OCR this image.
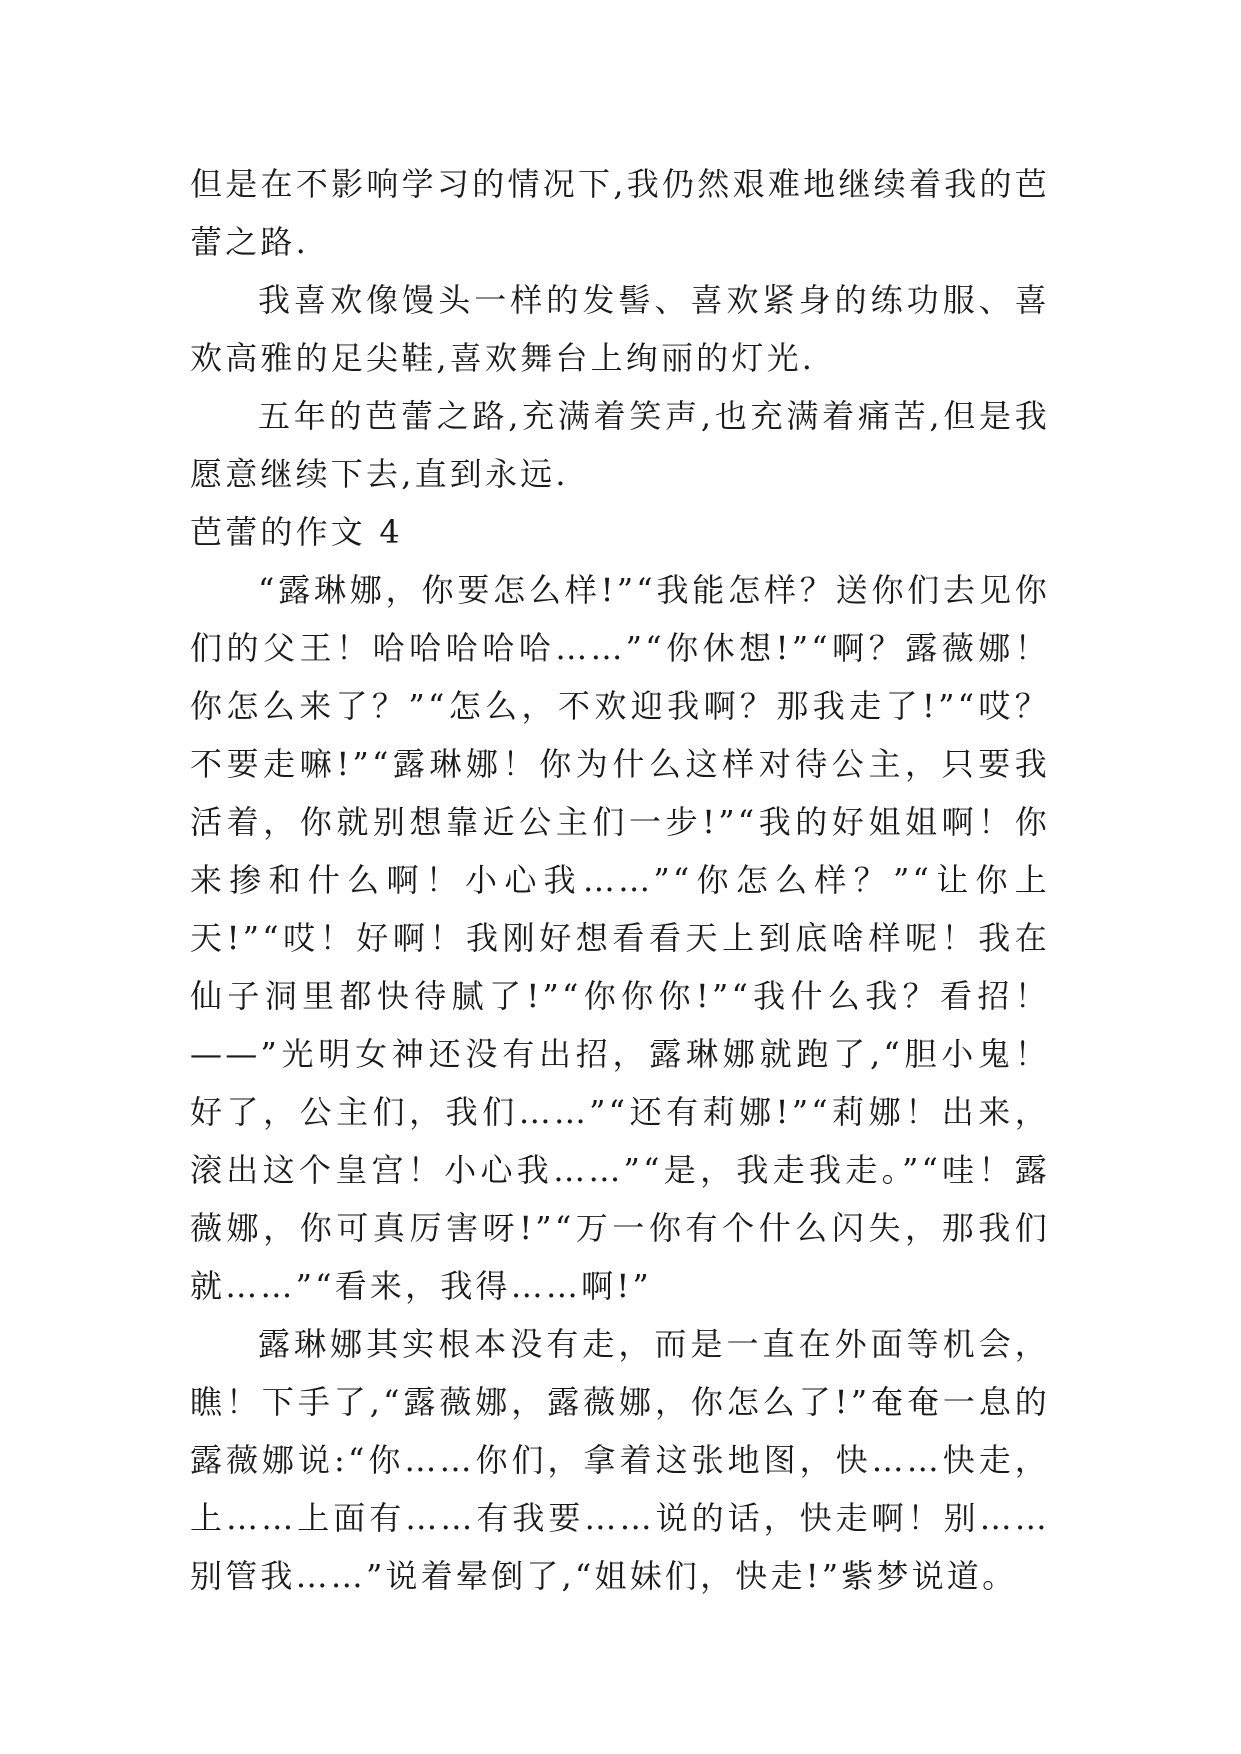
但是在不影响学习的情况下,我仍然艰难地继续着我的芭蕾之路.

我喜欢像馒头一样的发髻、喜欢紧身的练功服、喜欢高雅的足尖鞋,喜欢舞台上绚丽的灯光.

五年的芭蕾之路,充满着笑声,也充满着痛苦,但是我愿意继续下去,直到永远.

芭蕾的作文 4

“露琳娜，你要怎么样!”“我能怎样？送你们去见你们的父王！哈哈哈哈哈……”“你休想!”“啊？露薇娜！你怎么来了？”“怎么，不欢迎我啊？那我走了!”“哎？不要走嘛!”“露琳娜！你为什么这样对待公主，只要我活着，你就别想靠近公主们一步!”“我的好姐姐啊！你来掺和什么啊！小心我……”“你怎么样？”“让你上天!”“哎！好啊！我刚好想看看天上到底啥样呢！我在仙子洞里都快待腻了!”“你你你!”“我什么我？看招！——”光明女神还没有出招，露琳娜就跑了,“胆小鬼！好了，公主们，我们……”“还有莉娜!”“莉娜！出来，滚出这个皇宫！小心我……”“是，我走我走。”“哇！露薇娜，你可真厉害呀!”“万一你有个什么闪失，那我们就……”“看来，我得……啊!”

露琳娜其实根本没有走，而是一直在外面等机会，瞧！下手了,“露薇娜，露薇娜，你怎么了!”奄奄一息的露薇娜说:“你……你们，拿着这张地图，快……快走，上……上面有……有我要……说的话，快走啊！别……别管我……”说着晕倒了,“姐妹们，快走!”紫梦说道。
